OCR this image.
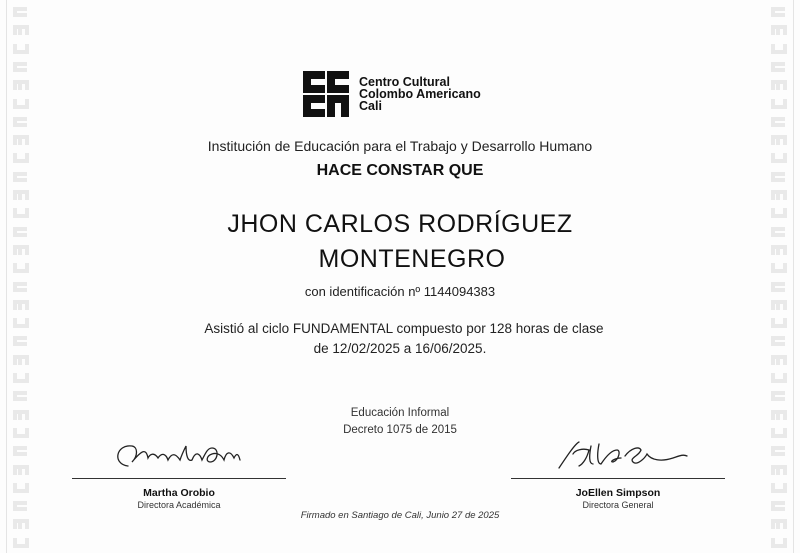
Centro Cultural
Colombo Americano
Cali
Institución de Educación para el Trabajo y Desarrollo Humano
HACE CONSTAR QUE
JHON CARLOS RODRÍGUEZ
MONTENEGRO
con identificación nº 1144094383
Asistió al ciclo FUNDAMENTAL compuesto por 128 horas de clase
de 12/02/2025 a 16/06/2025.
Educación Informal
Decreto 1075 de 2015
Martha Orobio
Directora Académica
JoEllen Simpson
Directora General
Firmado en Santiago de Cali, Junio 27 de 2025
